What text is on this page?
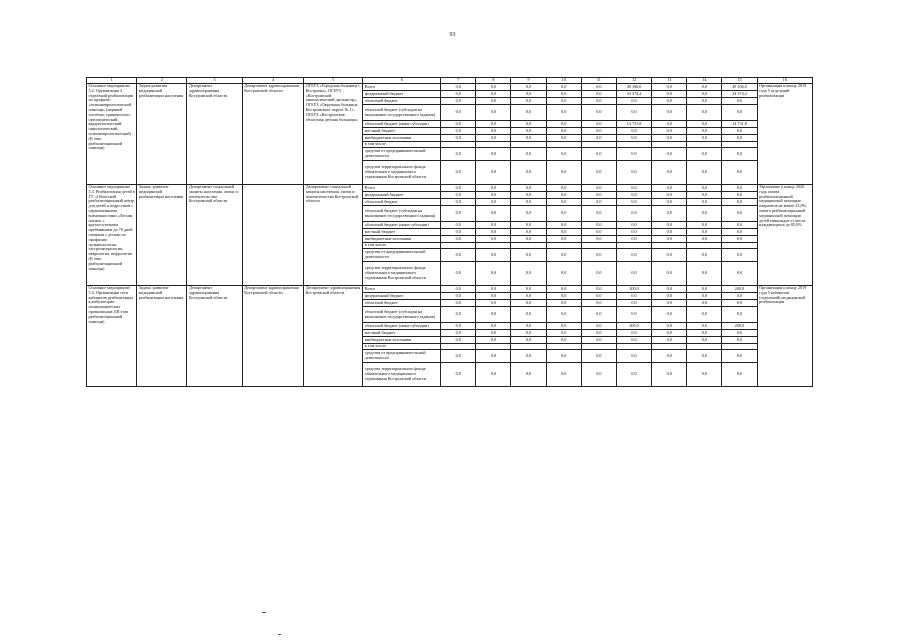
93
1	2	3	4	5	6	7	8	9	10	11	12	13	14	15	16
Основное мероприятие 5.2. Организация 3 отделений реабилитации по профилю «психоневрологической помощи» (нервной системы, травматолого-ортопедический, кардиологический, онкологический, психоневрологический) (II этап реабилитационной помощи)	Задача развития медицинской реабилитации населения	Департамент здравоохранения Костромской области	Департамент здравоохранения Костромской области	ОГБУЗ «Городская больница г. Костромы», ОГБУЗ «Костромской онкологический диспансер», ОГБУЗ «Окружная больница Костромского округа № 1», ОГБУЗ «Костромская областная детская больница»	Всего	0,0	0,0	0,0	0,0	0,0	49 106,0	0,0	0,0	49 106,0	Организация к концу 2019 года 5 отделений реабилитации
					федеральный бюджет	0,0	0,0	0,0	0,0	0,0	34 374,2	0,0	0,0	34 374,2	
					областной бюджет	0,0	0,0	0,0	0,0	0,0	0,0	0,0	0,0	0,0	
					областной бюджет (субсидии на выполнение государственного задания)	0,0	0,0	0,0	0,0	0,0	0,0	0,0	0,0	0,0	
					областной бюджет (иные субсидии)	0,0	0,0	0,0	0,0	0,0	14 731,8	0,0	0,0	14 731,8	
					местный бюджет	0,0	0,0	0,0	0,0	0,0	0,0	0,0	0,0	0,0	
					внебюджетные источники	0,0	0,0	0,0	0,0	0,0	0,0	0,0	0,0	0,0	
					в том числе:										
					средства от предпринимательской деятельности	0,0	0,0	0,0	0,0	0,0	0,0	0,0	0,0	0,0	
					средства территориального фонда обязательного медицинского страхования Костромской области	0,0	0,0	0,0	0,0	0,0	0,0	0,0	0,0	0,0	
Основное мероприятие 5.3. Реабилитация детей в ГУ «Областной реабилитационный центр для детей и подростков с ограниченными возможностями «Лесная сказка» с круглосуточным пребыванием до 70 дней сменами с детьми по профилям: пульмонология, гастроэнтерология, неврология, нефрология (II этап реабилитационной помощи)	Задача: развитие медицинской реабилитации населения	Департамент социальной защиты населения, опеки и попечительства Костромской области	-	Департамент социальной защиты населения, опеки и попечительства Костромской области	Всего	0,0	0,0	0,0	0,0	0,0	0,0	0,0	0,0	0,0	Увеличение к концу 2020 года охвата реабилитационной медицинской помощью пациентов не менее 25,0%, охвата реабилитационной медицинской помощью детей-инвалидов от числа нуждающихся до 85,0%
					федеральный бюджет	0,0	0,0	0,0	0,0	0,0	0,0	0,0	0,0	0,0	
					областной бюджет	0,0	0,0	0,0	0,0	0,0	0,0	0,0	0,0	0,0	
					областной бюджет (субсидии на выполнение государственного задания)	0,0	0,0	0,0	0,0	0,0	0,0	0,0	0,0	0,0	
					областной бюджет (иные субсидии)	0,0	0,0	0,0	0,0	0,0	0,0	0,0	0,0	0,0	
					местный бюджет	0,0	0,0	0,0	0,0	0,0	0,0	0,0	0,0	0,0	
					внебюджетные источники	0,0	0,0	0,0	0,0	0,0	0,0	0,0	0,0	0,0	
					в том числе:										
					средства от предпринимательской деятельности	0,0	0,0	0,0	0,0	0,0	0,0	0,0	0,0	0,0	
					средства территориального фонда обязательного медицинского страхования Костромской области	0,0	0,0	0,0	0,0	0,0	0,0	0,0	0,0	0,0	
Основное мероприятие 5.4. Организация сети кабинетов реабилитации в амбулаторно-поликлинических организациях (III этап реабилитационной помощи)	Задача: развитие медицинской реабилитации населения	Департамент здравоохранения Костромской области	Департамент здравоохранения Костромской области	Департамент здравоохранения Костромской области	Всего	0,0	0,0	0,0	0,0	0,0	200,0	0,0	0,0	200,0	Организация к концу 2019 года 5 кабинетов (отделений) медицинской реабилитации
					федеральный бюджет	0,0	0,0	0,0	0,0	0,0	0,0	0,0	0,0	0,0	
					областной бюджет	0,0	0,0	0,0	0,0	0,0	0,0	0,0	0,0	0,0	
					областной бюджет (субсидии на выполнение государственного задания)	0,0	0,0	0,0	0,0	0,0	0,0	0,0	0,0	0,0	
					областной бюджет (иные субсидии)	0,0	0,0	0,0	0,0	0,0	200,0	0,0	0,0	200,0	
					местный бюджет	0,0	0,0	0,0	0,0	0,0	0,0	0,0	0,0	0,0	
					внебюджетные источники	0,0	0,0	0,0	0,0	0,0	0,0	0,0	0,0	0,0	
					в том числе:										
					средства от предпринимательской деятельности	0,0	0,0	0,0	0,0	0,0	0,0	0,0	0,0	0,0	
					средства территориального фонда обязательного медицинского страхования Костромской области	0,0	0,0	0,0	0,0	0,0	0,0	0,0	0,0	0,0	
